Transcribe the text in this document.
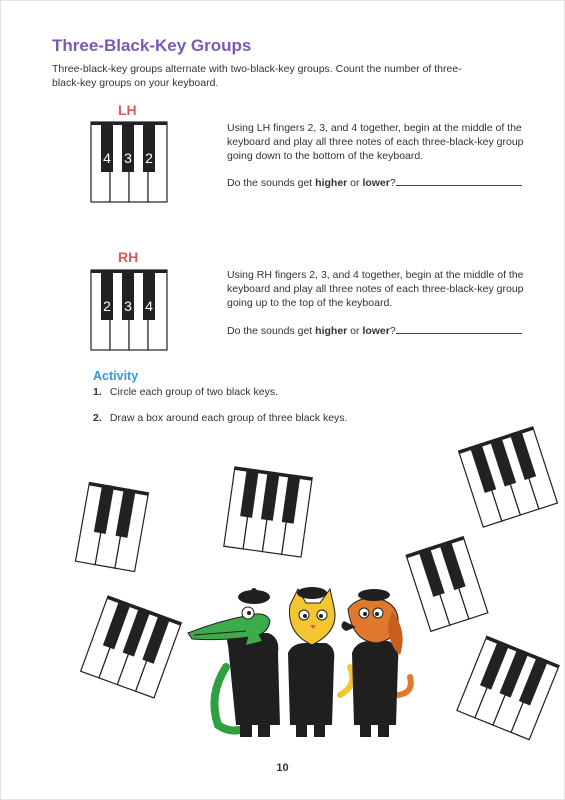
Three-Black-Key Groups
Three-black-key groups alternate with two-black-key groups. Count the number of three-black-key groups on your keyboard.
LH
4 3 2
Using LH fingers 2, 3, and 4 together, begin at the middle of the keyboard and play all three notes of each three-black-key group going down to the bottom of the keyboard.
Do the sounds get higher or lower?
RH
2 3 4
Using RH fingers 2, 3, and 4 together, begin at the middle of the keyboard and play all three notes of each three-black-key group going up to the top of the keyboard.
Do the sounds get higher or lower?
Activity
1. Circle each group of two black keys.
2. Draw a box around each group of three black keys.
10
